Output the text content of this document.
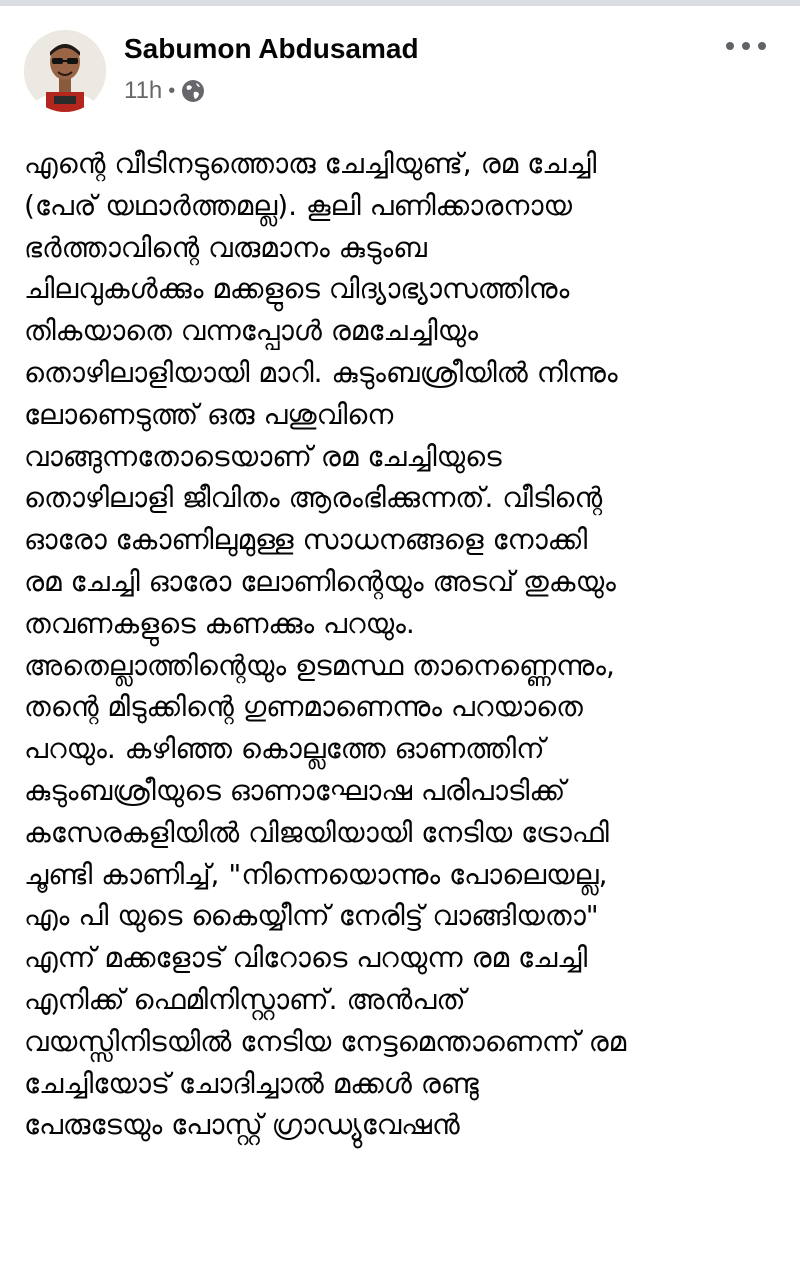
Sabumon Abdusamad
11h •
എന്റെ വീടിനടുത്തൊരു ചേച്ചിയുണ്ട്, രമ ചേച്ചി
(പേര് യഥാർത്തമല്ല). കൂലി പണിക്കാരനായ
ഭർത്താവിന്റെ വരുമാനം കുടുംബ
ചിലവുകൾക്കും മക്കളുടെ വിദ്യാഭ്യാസത്തിനും
തികയാതെ വന്നപ്പോൾ രമചേച്ചിയും
തൊഴിലാളിയായി മാറി. കുടുംബശ്രീയിൽ നിന്നും
ലോണെടുത്ത് ഒരു പശുവിനെ
വാങ്ങുന്നതോടെയാണ് രമ ചേച്ചിയുടെ
തൊഴിലാളി ജീവിതം ആരംഭിക്കുന്നത്. വീടിന്റെ
ഓരോ കോണിലുമുള്ള സാധനങ്ങളെ നോക്കി
രമ ചേച്ചി ഓരോ ലോണിന്റെയും അടവ് തുകയും
തവണകളുടെ കണക്കും പറയും.
അതെല്ലാത്തിന്റെയും ഉടമസ്ഥ താനെണ്ണെന്നും,
തന്റെ മിടുക്കിന്റെ ഗുണമാണെന്നും പറയാതെ
പറയും. കഴിഞ്ഞ കൊല്ലത്തേ ഓണത്തിന്
കുടുംബശ്രീയുടെ ഓണാഘോഷ പരിപാടിക്ക്
കസേരകളിയിൽ വിജയിയായി നേടിയ ട്രോഫി
ചൂണ്ടി കാണിച്ച്, "നിന്നെയൊന്നും പോലെയല്ല,
എം പി യുടെ കൈയ്യീന്ന് നേരിട്ട് വാങ്ങിയതാ"
എന്ന് മക്കളോട് വിറോടെ പറയുന്ന രമ ചേച്ചി
എനിക്ക് ഫെമിനിസ്റ്റാണ്. അൻപത്
വയസ്സിനിടയിൽ നേടിയ നേട്ടമെന്താണെന്ന് രമ
ചേച്ചിയോട് ചോദിച്ചാൽ മക്കൾ രണ്ടു
പേരുടേയും പോസ്റ്റ് ഗ്രാഡ്യുവേഷൻ
